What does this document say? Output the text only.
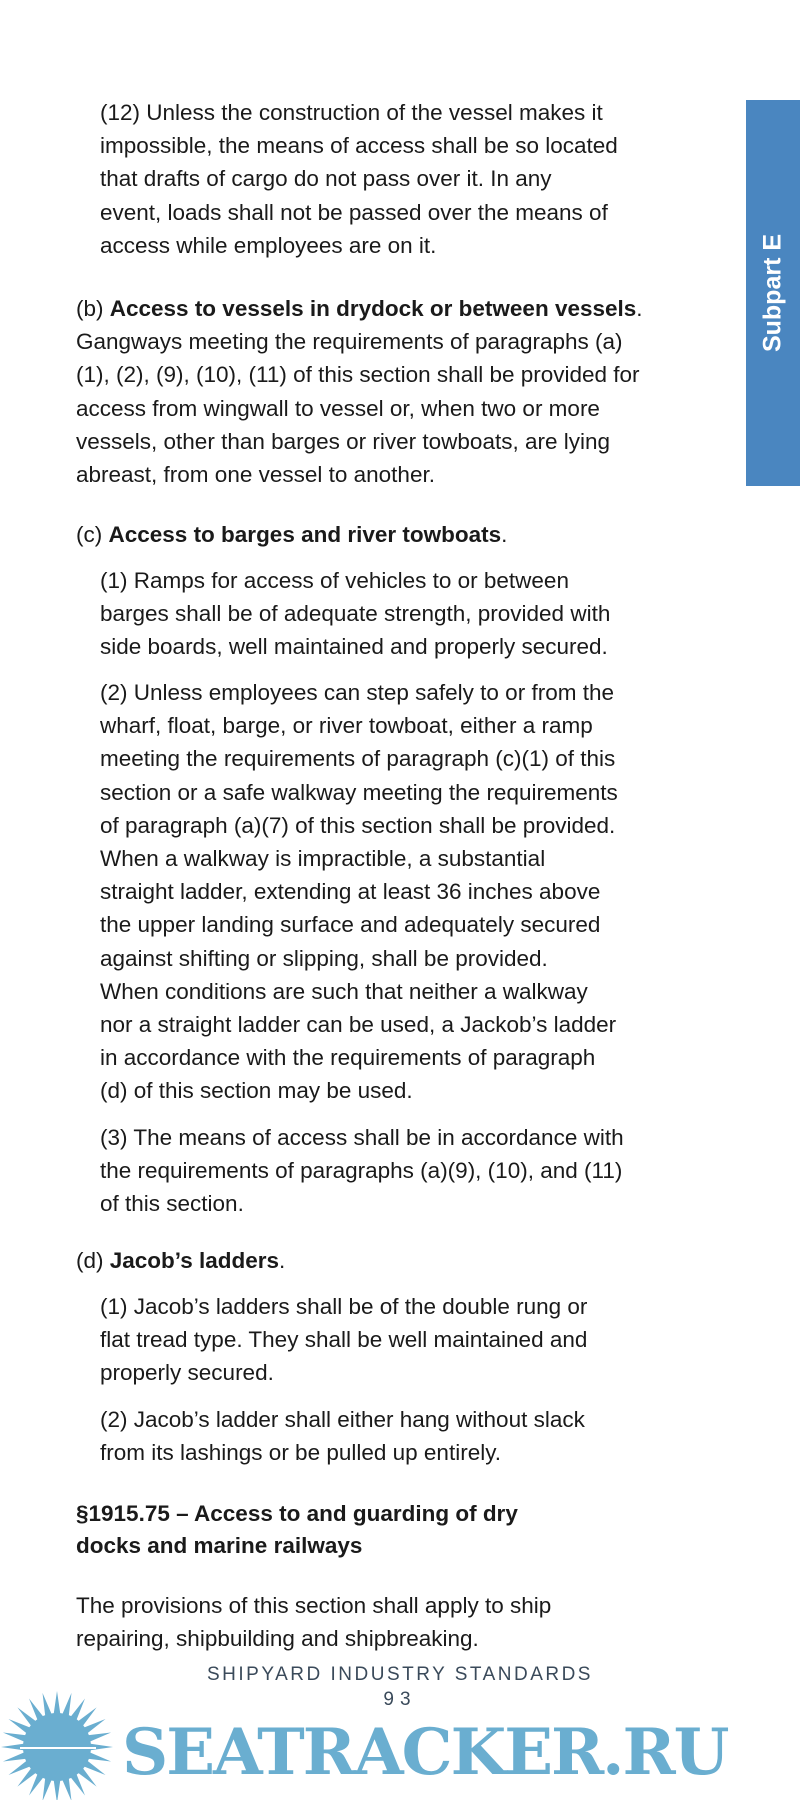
Subpart E
(12) Unless the construction of the vessel makes it
impossible, the means of access shall be so located
that drafts of cargo do not pass over it. In any
event, loads shall not be passed over the means of
access while employees are on it.
(b) Access to vessels in drydock or between vessels.
Gangways meeting the requirements of paragraphs (a)
(1), (2), (9), (10), (11) of this section shall be provided for
access from wingwall to vessel or, when two or more
vessels, other than barges or river towboats, are lying
abreast, from one vessel to another.
(c) Access to barges and river towboats.
(1) Ramps for access of vehicles to or between
barges shall be of adequate strength, provided with
side boards, well maintained and properly secured.
(2) Unless employees can step safely to or from the
wharf, float, barge, or river towboat, either a ramp
meeting the requirements of paragraph (c)(1) of this
section or a safe walkway meeting the requirements
of paragraph (a)(7) of this section shall be provided.
When a walkway is impractible, a substantial
straight ladder, extending at least 36 inches above
the upper landing surface and adequately secured
against shifting or slipping, shall be provided.
When conditions are such that neither a walkway
nor a straight ladder can be used, a Jackob’s ladder
in accordance with the requirements of paragraph
(d) of this section may be used.
(3) The means of access shall be in accordance with
the requirements of paragraphs (a)(9), (10), and (11)
of this section.
(d) Jacob’s ladders.
(1) Jacob’s ladders shall be of the double rung or
flat tread type. They shall be well maintained and
properly secured.
(2) Jacob’s ladder shall either hang without slack
from its lashings or be pulled up entirely.
§1915.75 – Access to and guarding of dry
docks and marine railways
The provisions of this section shall apply to ship
repairing, shipbuilding and shipbreaking.
SEATRACKER.RU
SHIPYARD INDUSTRY STANDARDS
93
